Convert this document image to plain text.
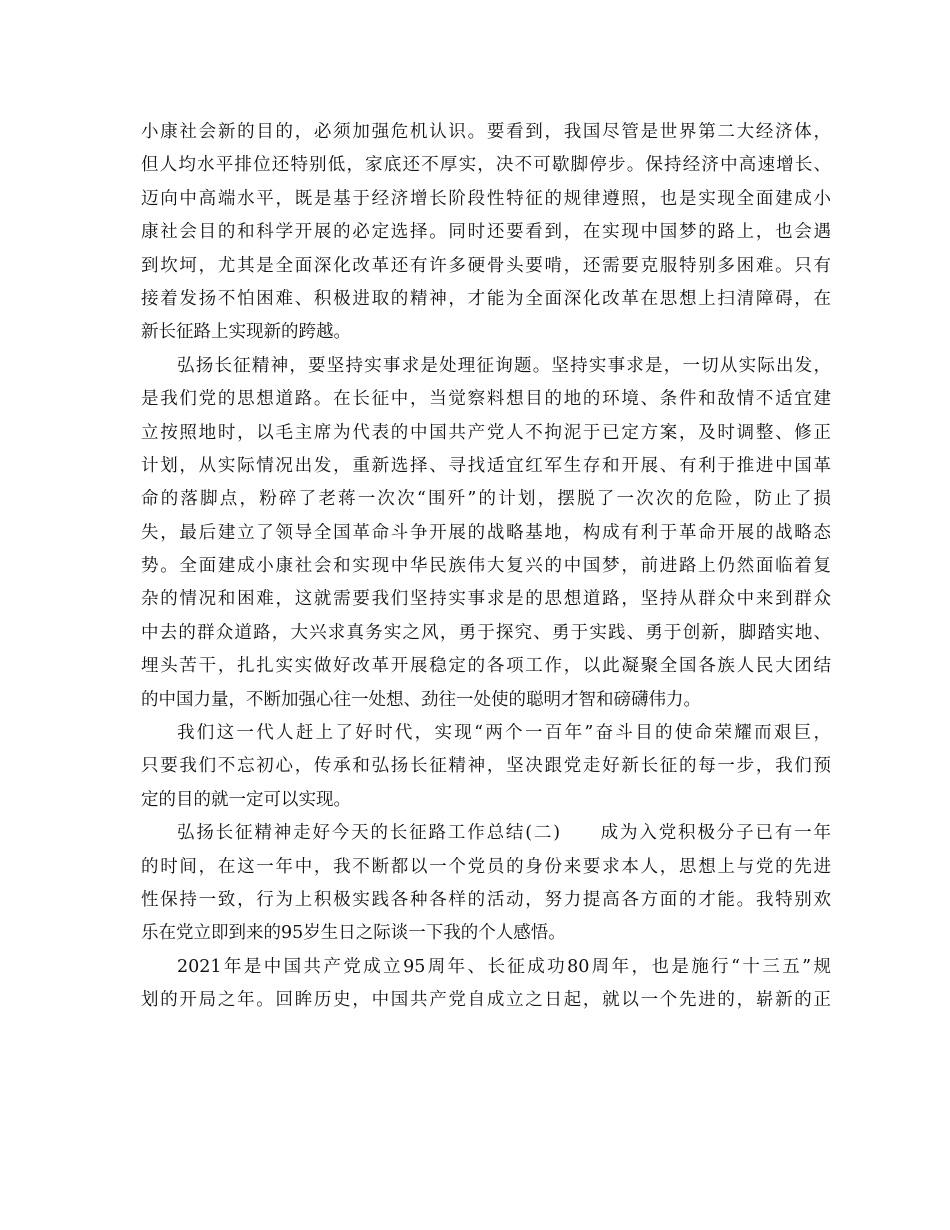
小康社会新的目的，必须加强危机认识。要看到，我国尽管是世界第二大经济体，
但人均水平排位还特别低，家底还不厚实，决不可歇脚停步。保持经济中高速增长、
迈向中高端水平，既是基于经济增长阶段性特征的规律遵照，也是实现全面建成小
康社会目的和科学开展的必定选择。同时还要看到，在实现中国梦的路上，也会遇
到坎坷，尤其是全面深化改革还有许多硬骨头要啃，还需要克服特别多困难。只有
接着发扬不怕困难、积极进取的精神，才能为全面深化改革在思想上扫清障碍，在
新长征路上实现新的跨越。
弘扬长征精神，要坚持实事求是处理征询题。坚持实事求是，一切从实际出发，
是我们党的思想道路。在长征中，当觉察料想目的地的环境、条件和敌情不适宜建
立按照地时，以毛主席为代表的中国共产党人不拘泥于已定方案，及时调整、修正
计划，从实际情况出发，重新选择、寻找适宜红军生存和开展、有利于推进中国革
命的落脚点，粉碎了老蒋一次次“围歼”的计划，摆脱了一次次的危险，防止了损
失，最后建立了领导全国革命斗争开展的战略基地，构成有利于革命开展的战略态
势。全面建成小康社会和实现中华民族伟大复兴的中国梦，前进路上仍然面临着复
杂的情况和困难，这就需要我们坚持实事求是的思想道路，坚持从群众中来到群众
中去的群众道路，大兴求真务实之风，勇于探究、勇于实践、勇于创新，脚踏实地、
埋头苦干，扎扎实实做好改革开展稳定的各项工作，以此凝聚全国各族人民大团结
的中国力量，不断加强心往一处想、劲往一处使的聪明才智和磅礴伟力。
我们这一代人赶上了好时代，实现“两个一百年”奋斗目的使命荣耀而艰巨，
只要我们不忘初心，传承和弘扬长征精神，坚决跟党走好新长征的每一步，我们预
定的目的就一定可以实现。
弘扬长征精神走好今天的长征路工作总结(二)　　成为入党积极分子已有一年
的时间，在这一年中，我不断都以一个党员的身份来要求本人，思想上与党的先进
性保持一致，行为上积极实践各种各样的活动，努力提高各方面的才能。我特别欢
乐在党立即到来的95岁生日之际谈一下我的个人感悟。
2021年是中国共产党成立95周年、长征成功80周年，也是施行“十三五”规
划的开局之年。回眸历史，中国共产党自成立之日起，就以一个先进的，崭新的正
